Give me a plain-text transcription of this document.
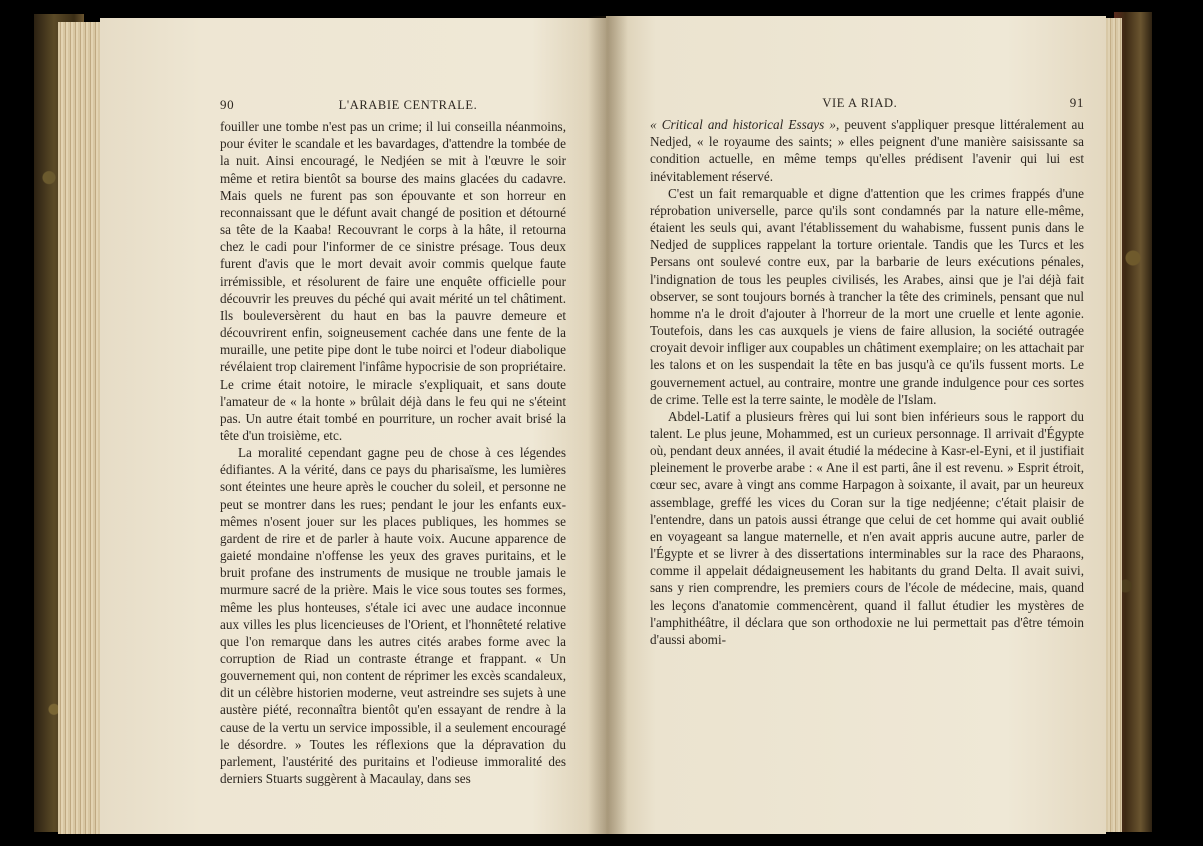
90	L'ARABIE CENTRALE.

fouiller une tombe n'est pas un crime; il lui conseilla néanmoins, pour éviter le scandale et les bavardages, d'attendre la tombée de la nuit. Ainsi encouragé, le Nedjéen se mit à l'œuvre le soir même et retira bientôt sa bourse des mains glacées du cadavre. Mais quels ne furent pas son épouvante et son horreur en reconnaissant que le défunt avait changé de position et détourné sa tête de la Kaaba! Recouvrant le corps à la hâte, il retourna chez le cadi pour l'informer de ce sinistre présage. Tous deux furent d'avis que le mort devait avoir commis quelque faute irrémissible, et résolurent de faire une enquête officielle pour découvrir les preuves du péché qui avait mérité un tel châtiment. Ils bouleversèrent du haut en bas la pauvre demeure et découvrirent enfin, soigneusement cachée dans une fente de la muraille, une petite pipe dont le tube noirci et l'odeur diabolique révélaient trop clairement l'infâme hypocrisie de son propriétaire. Le crime était notoire, le miracle s'expliquait, et sans doute l'amateur de « la honte » brûlait déjà dans le feu qui ne s'éteint pas. Un autre était tombé en pourriture, un rocher avait brisé la tête d'un troisième, etc.

La moralité cependant gagne peu de chose à ces légendes édifiantes. A la vérité, dans ce pays du pharisaïsme, les lumières sont éteintes une heure après le coucher du soleil, et personne ne peut se montrer dans les rues; pendant le jour les enfants eux-mêmes n'osent jouer sur les places publiques, les hommes se gardent de rire et de parler à haute voix. Aucune apparence de gaieté mondaine n'offense les yeux des graves puritains, et le bruit profane des instruments de musique ne trouble jamais le murmure sacré de la prière. Mais le vice sous toutes ses formes, même les plus honteuses, s'étale ici avec une audace inconnue aux villes les plus licencieuses de l'Orient, et l'honnêteté relative que l'on remarque dans les autres cités arabes forme avec la corruption de Riad un contraste étrange et frappant. « Un gouvernement qui, non content de réprimer les excès scandaleux, dit un célèbre historien moderne, veut astreindre ses sujets à une austère piété, reconnaîtra bientôt qu'en essayant de rendre à la cause de la vertu un service impossible, il a seulement encouragé le désordre. » Toutes les réflexions que la dépravation du parlement, l'austérité des puritains et l'odieuse immoralité des derniers Stuarts suggèrent à Macaulay, dans ses

VIE A RIAD.	91

« Critical and historical Essays », peuvent s'appliquer presque littéralement au Nedjed, « le royaume des saints; » elles peignent d'une manière saisissante sa condition actuelle, en même temps qu'elles prédisent l'avenir qui lui est inévitablement réservé.

C'est un fait remarquable et digne d'attention que les crimes frappés d'une réprobation universelle, parce qu'ils sont condamnés par la nature elle-même, étaient les seuls qui, avant l'établissement du wahabisme, fussent punis dans le Nedjed de supplices rappelant la torture orientale. Tandis que les Turcs et les Persans ont soulevé contre eux, par la barbarie de leurs exécutions pénales, l'indignation de tous les peuples civilisés, les Arabes, ainsi que je l'ai déjà fait observer, se sont toujours bornés à trancher la tête des criminels, pensant que nul homme n'a le droit d'ajouter à l'horreur de la mort une cruelle et lente agonie. Toutefois, dans les cas auxquels je viens de faire allusion, la société outragée croyait devoir infliger aux coupables un châtiment exemplaire; on les attachait par les talons et on les suspendait la tête en bas jusqu'à ce qu'ils fussent morts. Le gouvernement actuel, au contraire, montre une grande indulgence pour ces sortes de crime. Telle est la terre sainte, le modèle de l'Islam.

Abdel-Latif a plusieurs frères qui lui sont bien inférieurs sous le rapport du talent. Le plus jeune, Mohammed, est un curieux personnage. Il arrivait d'Égypte où, pendant deux années, il avait étudié la médecine à Kasr-el-Eyni, et il justifiait pleinement le proverbe arabe : « Ane il est parti, âne il est revenu. » Esprit étroit, cœur sec, avare à vingt ans comme Harpagon à soixante, il avait, par un heureux assemblage, greffé les vices du Coran sur la tige nedjéenne; c'était plaisir de l'entendre, dans un patois aussi étrange que celui de cet homme qui avait oublié en voyageant sa langue maternelle, et n'en avait appris aucune autre, parler de l'Égypte et se livrer à des dissertations interminables sur la race des Pharaons, comme il appelait dédaigneusement les habitants du grand Delta. Il avait suivi, sans y rien comprendre, les premiers cours de l'école de médecine, mais, quand les leçons d'anatomie commencèrent, quand il fallut étudier les mystères de l'amphithéâtre, il déclara que son orthodoxie ne lui permettait pas d'être témoin d'aussi abomi-
